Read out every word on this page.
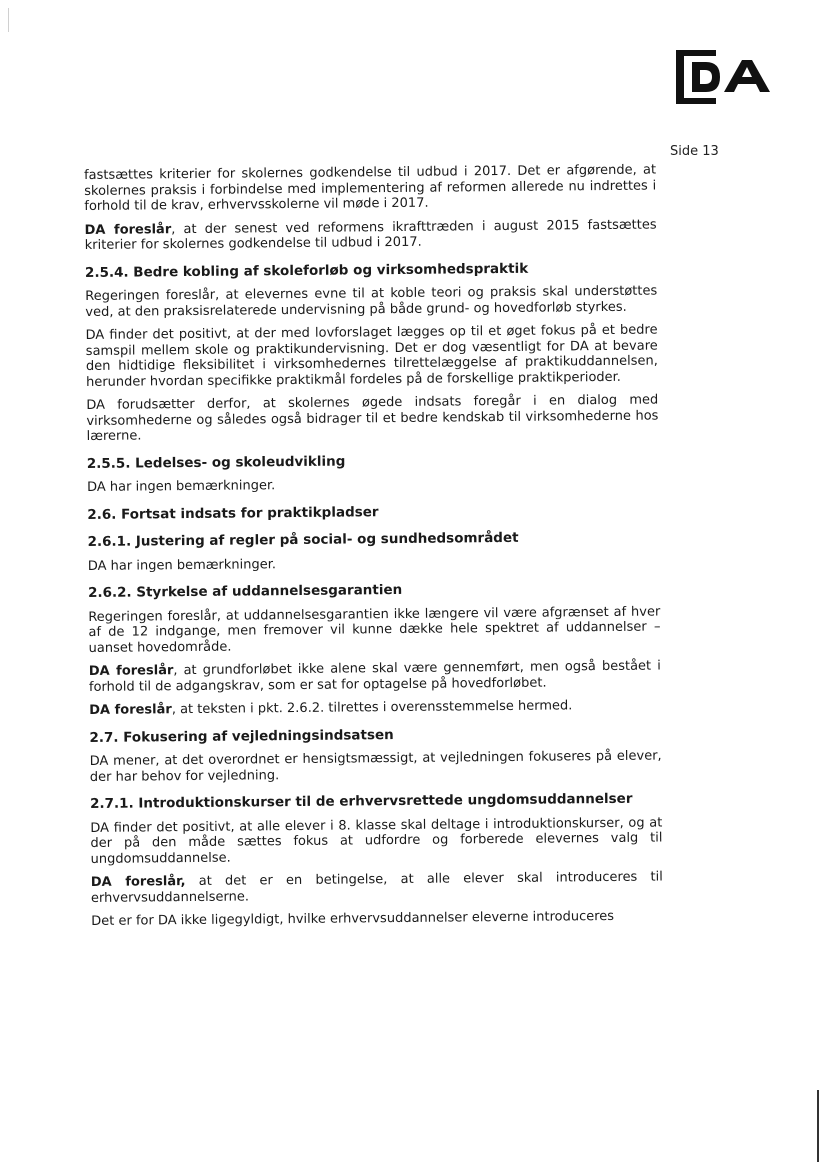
Side 13
fastsættes kriterier for skolernes godkendelse til udbud i 2017. Det er afgørende, at skolernes praksis i forbindelse med implementering af reformen allerede nu indrettes i forhold til de krav, erhvervsskolerne vil møde i 2017.
DA foreslår, at der senest ved reformens ikrafttræden i august 2015 fastsættes kriterier for skolernes godkendelse til udbud i 2017.
2.5.4. Bedre kobling af skoleforløb og virksomhedspraktik
Regeringen foreslår, at elevernes evne til at koble teori og praksis skal understøttes ved, at den praksisrelaterede undervisning på både grund- og hovedforløb styrkes.
DA finder det positivt, at der med lovforslaget lægges op til et øget fokus på et bedre samspil mellem skole og praktikundervisning. Det er dog væsentligt for DA at bevare den hidtidige fleksibilitet i virksomhedernes tilrettelæggelse af praktikuddannelsen, herunder hvordan specifikke praktikmål fordeles på de forskellige praktikperioder.
DA forudsætter derfor, at skolernes øgede indsats foregår i en dialog med virksomhederne og således også bidrager til et bedre kendskab til virksomhederne hos lærerne.
2.5.5. Ledelses- og skoleudvikling
DA har ingen bemærkninger.
2.6. Fortsat indsats for praktikpladser
2.6.1. Justering af regler på social- og sundhedsområdet
DA har ingen bemærkninger.
2.6.2. Styrkelse af uddannelsesgarantien
Regeringen foreslår, at uddannelsesgarantien ikke længere vil være afgrænset af hver af de 12 indgange, men fremover vil kunne dække hele spektret af uddannelser – uanset hovedområde.
DA foreslår, at grundforløbet ikke alene skal være gennemført, men også bestået i forhold til de adgangskrav, som er sat for optagelse på hovedforløbet.
DA foreslår, at teksten i pkt. 2.6.2. tilrettes i overensstemmelse hermed.
2.7. Fokusering af vejledningsindsatsen
DA mener, at det overordnet er hensigtsmæssigt, at vejledningen fokuseres på elever, der har behov for vejledning.
2.7.1. Introduktionskurser til de erhvervsrettede ungdomsuddannelser
DA finder det positivt, at alle elever i 8. klasse skal deltage i introduktionskurser, og at der på den måde sættes fokus at udfordre og forberede elevernes valg til ungdomsuddannelse.
DA foreslår, at det er en betingelse, at alle elever skal introduceres til erhvervsuddannelserne.
Det er for DA ikke ligegyldigt, hvilke erhvervsuddannelser eleverne introduceres
